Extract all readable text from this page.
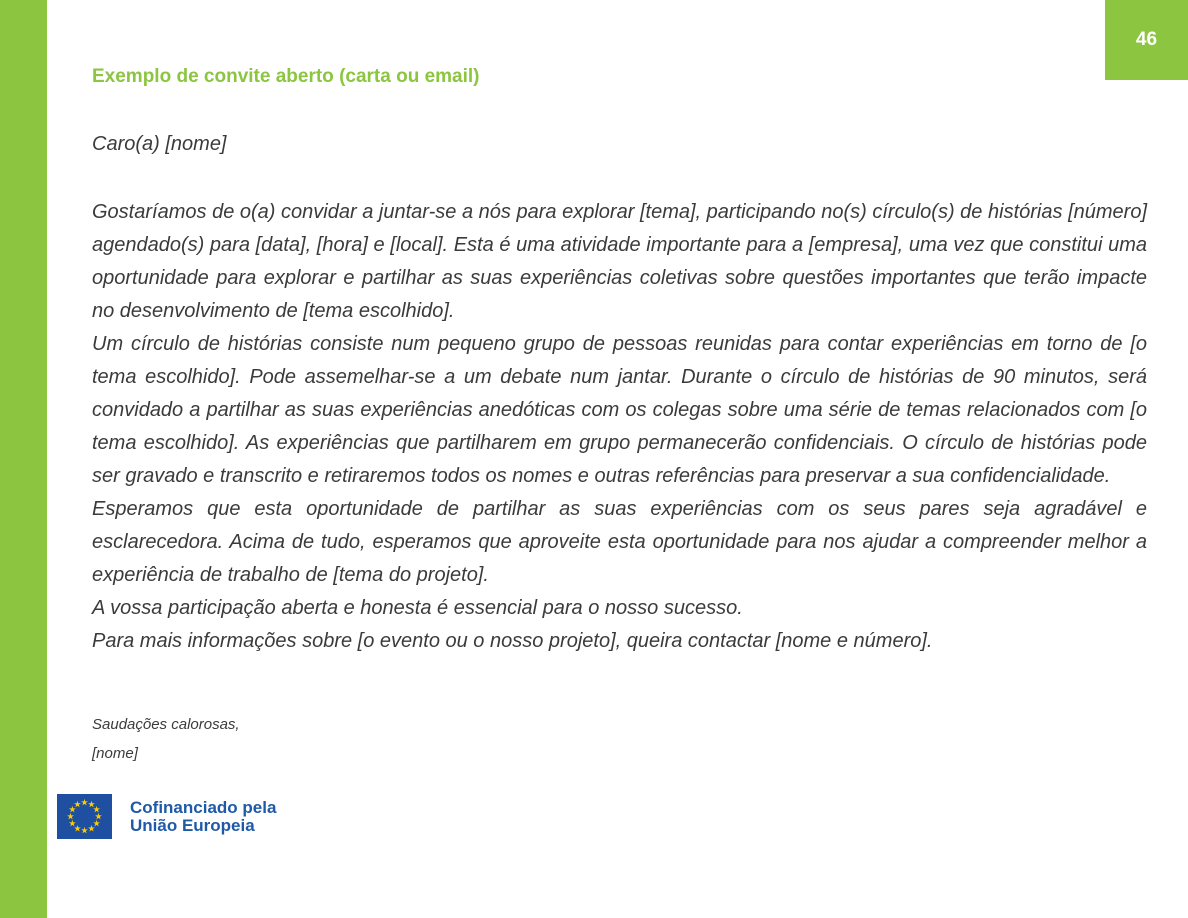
46
Exemplo de convite aberto (carta ou email)
Caro(a) [nome]

Gostaríamos de o(a) convidar a juntar-se a nós para explorar [tema], participando no(s) círculo(s) de histórias [número] agendado(s) para [data], [hora] e [local]. Esta é uma atividade importante para a [empresa], uma vez que constitui uma oportunidade para explorar e partilhar as suas experiências coletivas sobre questões importantes que terão impacte no desenvolvimento de [tema escolhido].

Um círculo de histórias consiste num pequeno grupo de pessoas reunidas para contar experiências em torno de [o tema escolhido]. Pode assemelhar-se a um debate num jantar. Durante o círculo de histórias de 90 minutos, será convidado a partilhar as suas experiências anedóticas com os colegas sobre uma série de temas relacionados com [o tema escolhido]. As experiências que partilharem em grupo permanecerão confidenciais. O círculo de histórias pode ser gravado e transcrito e retiraremos todos os nomes e outras referências para preservar a sua confidencialidade.

Esperamos que esta oportunidade de partilhar as suas experiências com os seus pares seja agradável e esclarecedora. Acima de tudo, esperamos que aproveite esta oportunidade para nos ajudar a compreender melhor a experiência de trabalho de [tema do projeto].

A vossa participação aberta e honesta é essencial para o nosso sucesso.

Para mais informações sobre [o evento ou o nosso projeto], queira contactar [nome e número].

Saudações calorosas,
[nome]
Cofinanciado pela
União Europeia
